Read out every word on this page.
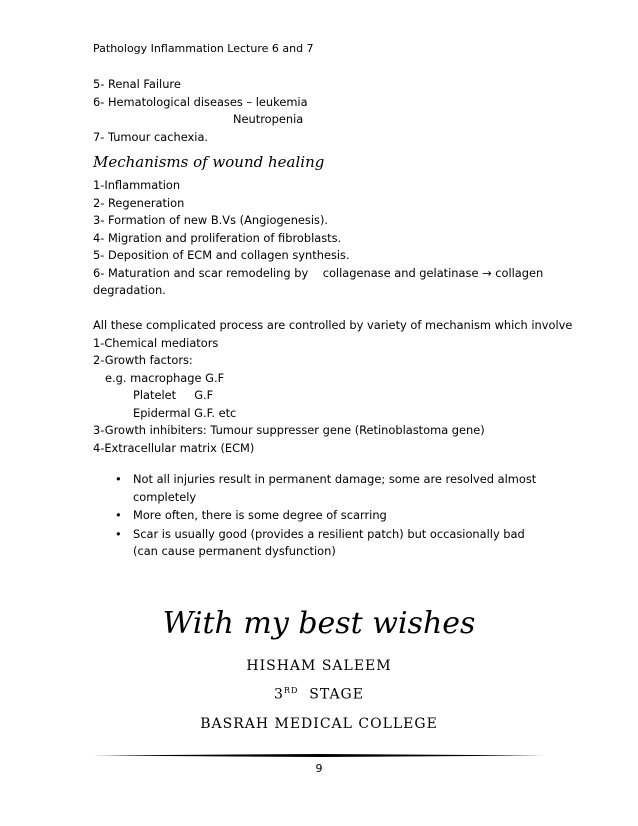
Pathology Inflammation Lecture 6 and 7
5- Renal Failure
6- Hematological diseases – leukemia
Neutropenia
7- Tumour cachexia.
Mechanisms of wound healing
1-Inflammation
2- Regeneration
3- Formation of new B.Vs (Angiogenesis).
4- Migration and proliferation of fibroblasts.
5- Deposition of ECM and collagen synthesis.
6- Maturation and scar remodeling by    collagenase and gelatinase → collagen
degradation.
All these complicated process are controlled by variety of mechanism which involve
1-Chemical mediators
2-Growth factors:
e.g. macrophage G.F
Platelet     G.F
Epidermal G.F. etc
3-Growth inhibiters: Tumour suppresser gene (Retinoblastoma gene)
4-Extracellular matrix (ECM)
• Not all injuries result in permanent damage; some are resolved almost completely
• More often, there is some degree of scarring
• Scar is usually good (provides a resilient patch) but occasionally bad (can cause permanent dysfunction)
With my best wishes
HISHAM SALEEM
3RD STAGE
BASRAH MEDICAL COLLEGE
9
